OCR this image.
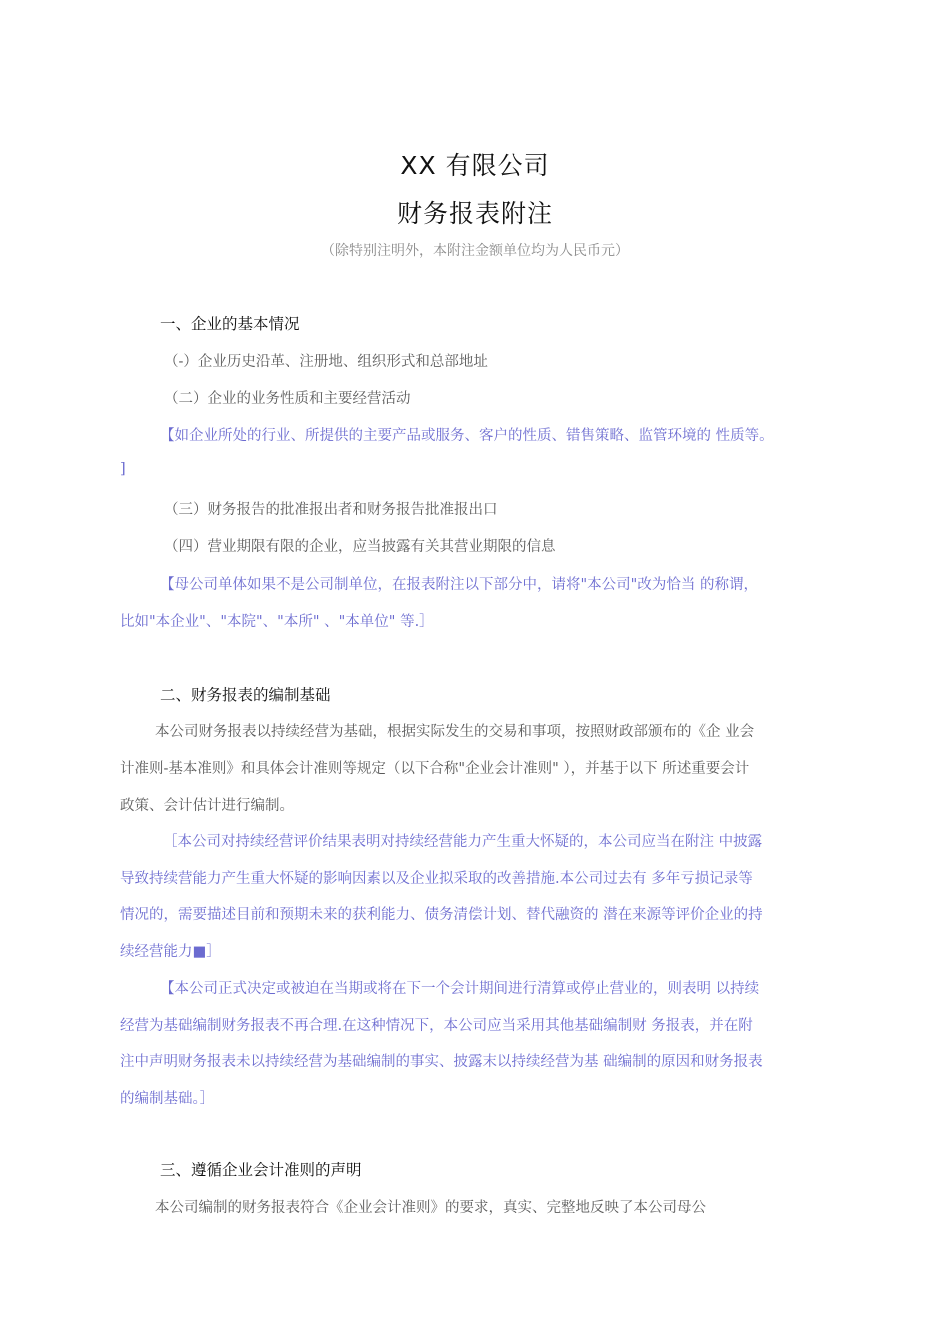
XX 有限公司
财务报表附注
（除特别注明外，本附注金额单位均为人民币元）
一、企业的基本情况
（-）企业历史沿革、注册地、组织形式和总部地址
（二）企业的业务性质和主要经营活动
【如企业所处的行业、所提供的主要产品或服务、客户的性质、错售策略、监管环境的 性质等。
]
（三）财务报告的批准报出者和财务报告批准报出口
（四）营业期限有限的企业，应当披露有关其营业期限的信息
【母公司单体如果不是公司制单位，在报表附注以下部分中，请将"本公司"改为恰当 的称谓，
比如"本企业"、"本院"、"本所" 、"本单位" 等.］
二、财务报表的编制基础
本公司财务报表以持续经营为基础，根据实际发生的交易和事项，按照财政部颁布的《企 业会
计准则-基本准则》和具体会计准则等规定（以下合称"企业会计准则" ），并基于以下 所述重要会计
政策、会计估计进行编制。
［本公司对持续经营评价结果表明对持续经营能力产生重大怀疑的，本公司应当在附注 中披露
导致持续营能力产生重大怀疑的影响因素以及企业拟采取的改善措施.本公司过去有 多年亏损记录等
情况的，需要描述目前和预期未来的获利能力、债务清偿计划、替代融资的 潜在来源等评价企业的持
续经营能力■］
【本公司正式决定或被迫在当期或将在下一个会计期间进行清算或停止营业的，则表明 以持续
经营为基础编制财务报表不再合理.在这种情况下，本公司应当采用其他基础编制财 务报表，并在附
注中声明财务报表未以持续经营为基础编制的事实、披露末以持续经营为基 础编制的原因和财务报表
的编制基础。］
三、遵循企业会计准则的声明
本公司编制的财务报表符合《企业会计准则》的要求，真实、完整地反映了本公司母公
